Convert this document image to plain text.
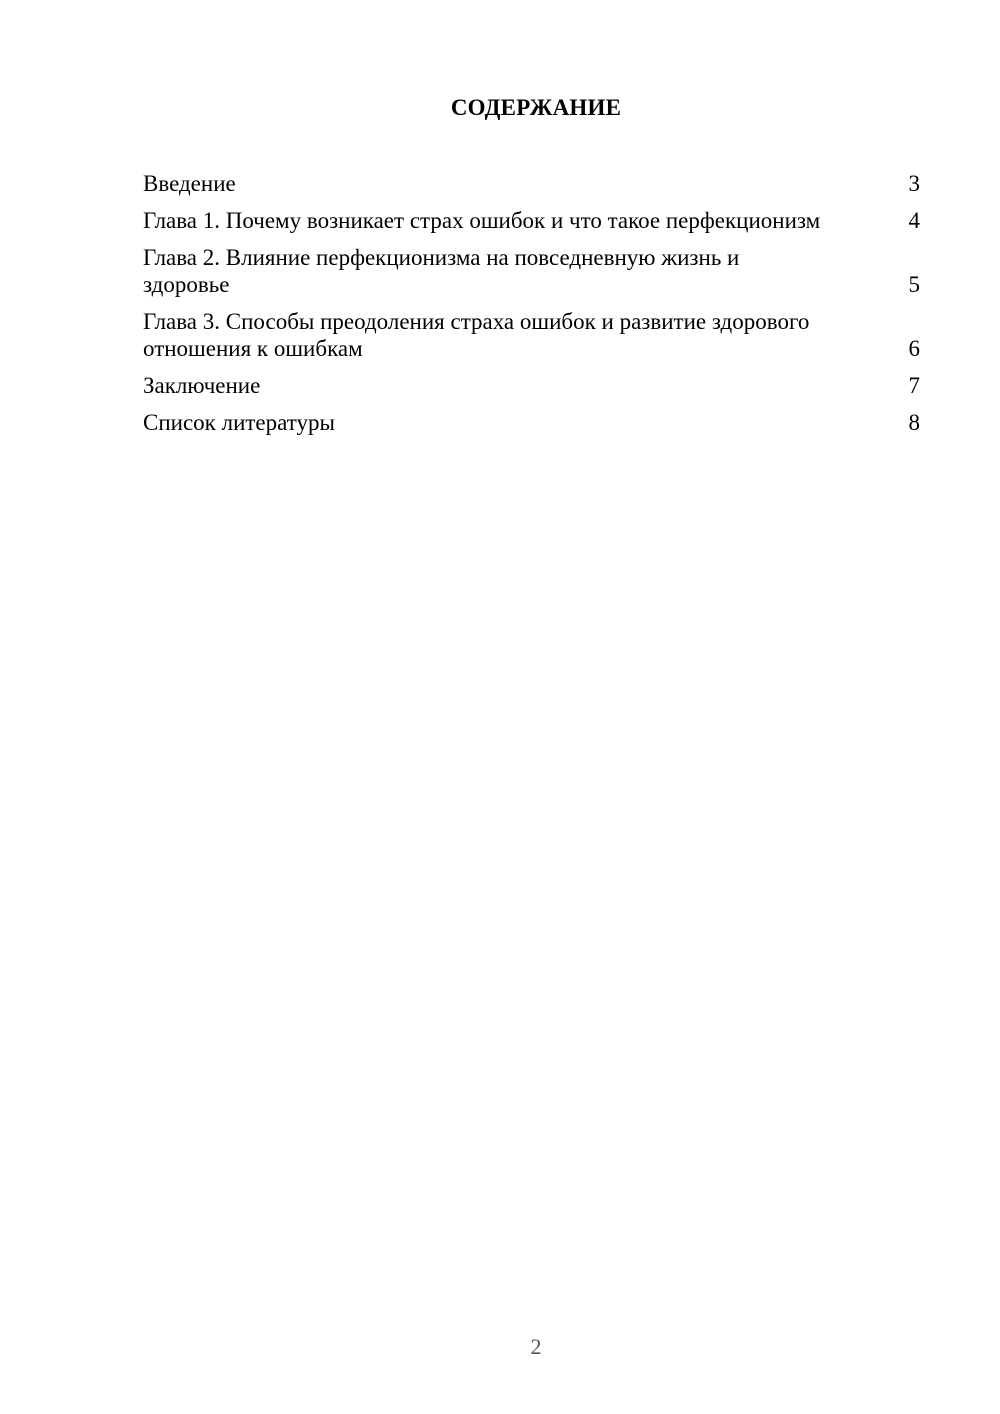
СОДЕРЖАНИЕ
Введение	3
Глава 1. Почему возникает страх ошибок и что такое перфекционизм	4
Глава 2. Влияние перфекционизма на повседневную жизнь и здоровье	5
Глава 3. Способы преодоления страха ошибок и развитие здорового отношения к ошибкам	6
Заключение	7
Список литературы	8
2
